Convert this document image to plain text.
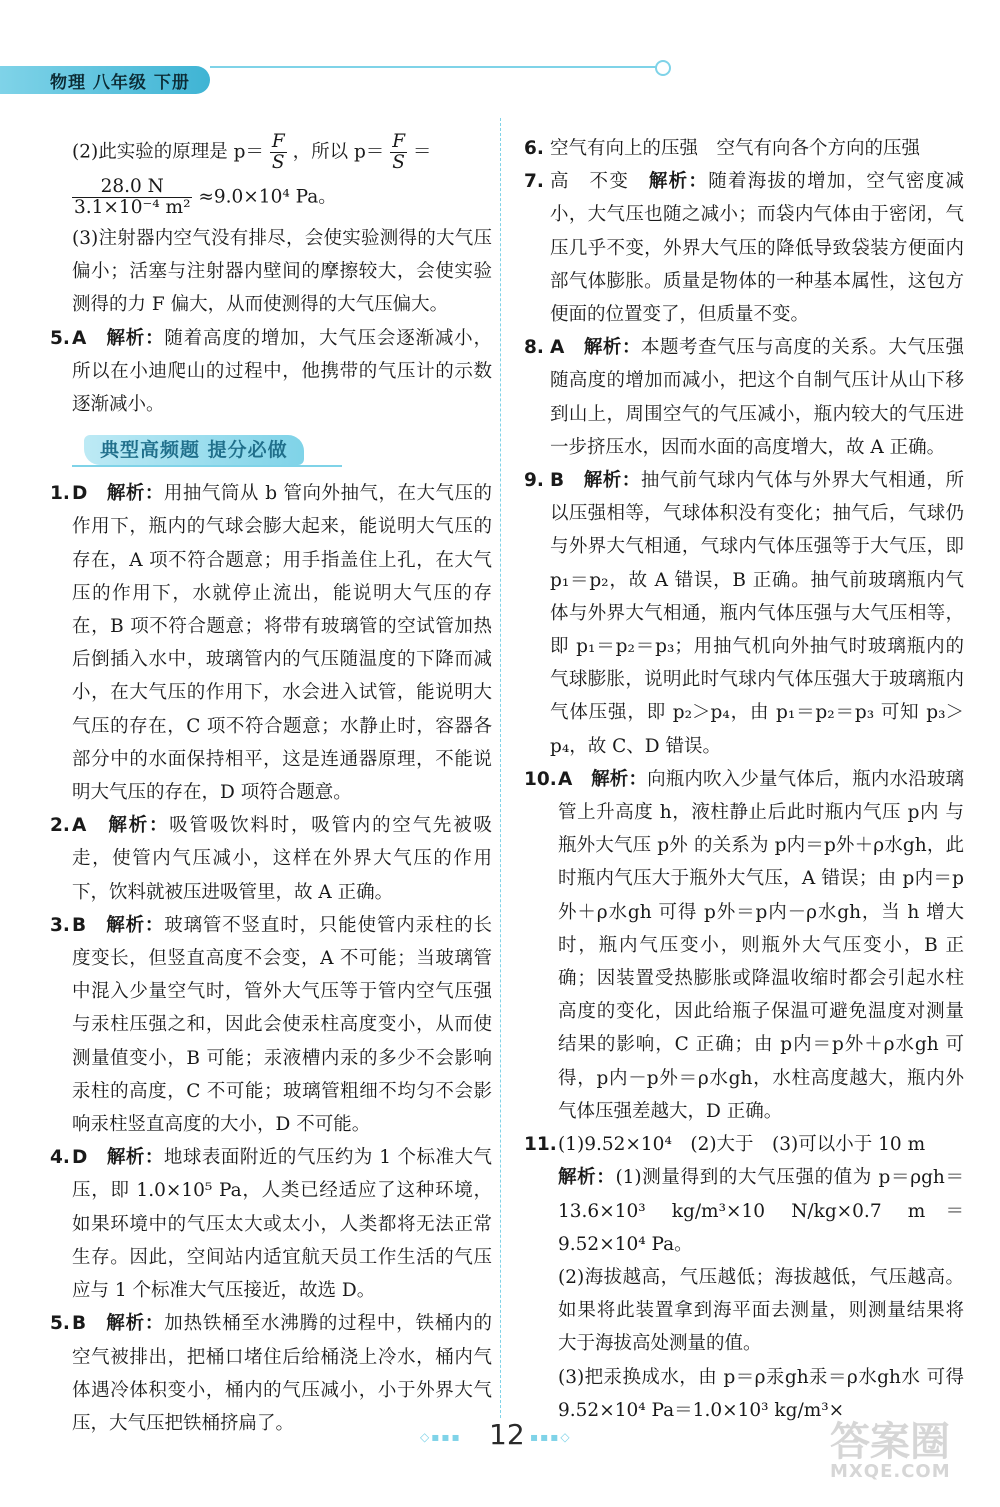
物理 八年级 下册
(2)此实验的原理是 $p= \frac{F}{S}$ ，所以 $p= \frac{F}{S}$ ＝
$\frac{28.0 N}{\text{3.1×10⁻⁴ m²}} \approx 9.0\times 10^4$ Pa。

(3)注射器内空气没有排尽，会使实验测得的大气压偏小；活塞与注射器内壁间的摩擦较大，会使实验测得的力 F 偏大，从而使测得的大气压偏大。

5. A　 解析：随着高度的增加，大气压会逐渐减小，所以在小迪爬山的过程中，他携带的气压计的示数逐渐减小。
典型高频题 提分必做
1. D　 解析：用抽气筒从 b 管向外抽气，在大气压的作用下，瓶内的气球会膨大起来，能说明大气压的存在，A 项不符合题意；用手指盖住上孔，在大气压的作用下，水就停止流出，能说明大气压的存在，B 项不符合题意；将带有玻璃管的空试管加热后倒插入水中，玻璃管内的气压随温度的下降而减小，在大气压的作用下，水会进入试管，能说明大气压的存在，C 项不符合题意；水静止时，容器各部分中的水面保持相平，这是连通器原理，不能说明大气压的存在，D 项符合题意。
2. A　 解析：吸管吸饮料时，吸管内的空气先被吸走，使管内气压减小，这样在外界大气压的作用下，饮料就被压进吸管里，故 A 正确。
3. B　 解析：玻璃管不竖直时，只能使管内汞柱的长度变长，但竖直高度不会变，A 不可能；当玻璃管中混入少量空气时，管外大气压等于管内空气压强与汞柱压强之和，因此会使汞柱高度变小，从而使测量值变小，B 可能；汞液槽内汞的多少不会影响汞柱的高度，C 不可能；玻璃管粗细不均匀不会影响汞柱竖直高度的大小，D 不可能。
4. D　 解析：地球表面附近的气压约为 1 个标准大气压，即 1.0×10⁵ Pa，人类已经适应了这种环境，如果环境中的气压太大或太小，人类都将无法正常生存。因此，空间站内适宜航天员工作生活的气压应与 1 个标准大气压接近，故选 D。
5. B　 解析：加热铁桶至水沸腾的过程中，铁桶内的空气被排出，把桶口堵住后给桶浇上冷水，桶内气体遇冷体积变小，桶内的气压减小，小于外界大气压，大气压把铁桶挤扁了。
6. 空气有向上的压强　空气有向各个方向的压强
7. 高　不变　 解析：随着海拔的增加，空气密度减小，大气压也随之减小；而袋内气体由于密闭，气压几乎不变，外界大气压的降低导致袋装方便面内部气体膨胀。质量是物体的一种基本属性，这包方便面的位置变了，但质量不变。
8. A　 解析：本题考查气压与高度的关系。大气压强随高度的增加而减小，把这个自制气压计从山下移到山上，周围空气的气压减小，瓶内较大的气压进一步挤压水，因而水面的高度增大，故 A 正确。
9. B　 解析：抽气前气球内气体与外界大气相通，所以压强相等，气球体积没有变化；抽气后，气球仍与外界大气相通，气球内气体压强等于大气压，即 p₁＝p₂，故 A 错误，B 正确。抽气前玻璃瓶内气体与外界大气相通，瓶内气体压强与大气压相等，即 p₁＝p₂＝p₃；用抽气机向外抽气时玻璃瓶内的气球膨胀，说明此时气球内气体压强大于玻璃瓶内气体压强，即 p₂＞p₄，由 p₁＝p₂＝p₃ 可知 p₃＞p₄，故 C、D 错误。
10. A　 解析：向瓶内吹入少量气体后，瓶内水沿玻璃管上升高度 h，液柱静止后此时瓶内气压 p内 与瓶外大气压 p外 的关系为 p内＝p外＋ρ水gh，此时瓶内气压大于瓶外大气压，A 错误；由 p内＝p外＋ρ水gh 可得 p外＝p内－ρ水gh，当 h 增大时，瓶内气压变小，则瓶外大气压变小，B 正确；因装置受热膨胀或降温收缩时都会引起水柱高度的变化，因此给瓶子保温可避免温度对测量结果的影响，C 正确；由 p内＝p外＋ρ水gh 可得，p内－p外＝ρ水gh，水柱高度越大，瓶内外气体压强差越大，D 正确。
11. (1)9.52×10⁴　(2)大于　(3)可以小于 10 m

解析：(1)测量得到的大气压强的值为 p＝ρgh＝13.6×10³ kg/m³×10 N/kg×0.7 m＝9.52×10⁴ Pa。

(2)海拔越高，气压越低；海拔越低，气压越高。如果将此装置拿到海平面去测量，则测量结果将大于海拔高处测量的值。

(3)把汞换成水，由 p＝ρ汞gh汞＝ρ水gh水 可得 9.52×10⁴ Pa＝1.0×10³ kg/m³×

◇▪▪▪ 12 ▪▪▪◇	答案圈
MXQE.COM
